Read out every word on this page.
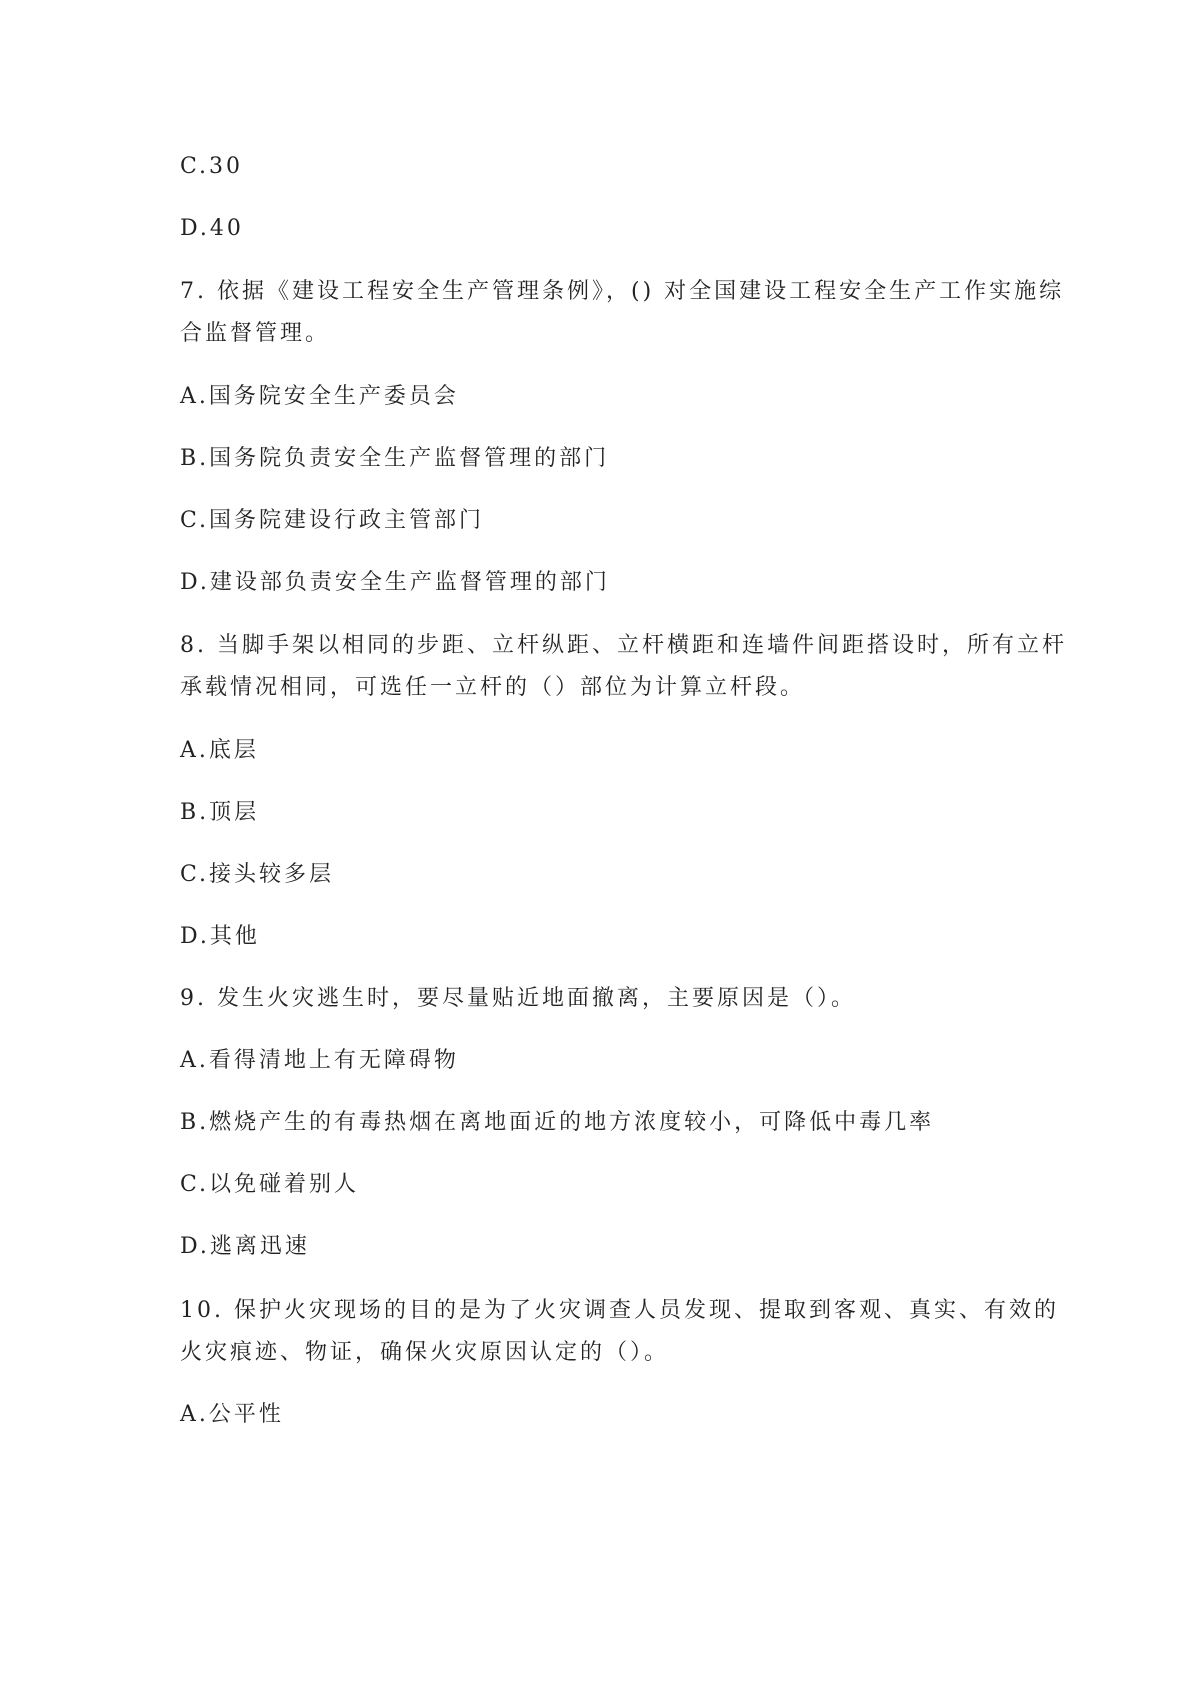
C.30
D.40
7. 依据《建设工程安全生产管理条例》，() 对全国建设工程安全生产工作实施综
合监督管理。
A.国务院安全生产委员会
B.国务院负责安全生产监督管理的部门
C.国务院建设行政主管部门
D.建设部负责安全生产监督管理的部门
8. 当脚手架以相同的步距、立杆纵距、立杆横距和连墙件间距搭设时，所有立杆
承载情况相同，可选任一立杆的（）部位为计算立杆段。
A.底层
B.顶层
C.接头较多层
D.其他
9. 发生火灾逃生时，要尽量贴近地面撤离，主要原因是（）。
A.看得清地上有无障碍物
B.燃烧产生的有毒热烟在离地面近的地方浓度较小，可降低中毒几率
C.以免碰着别人
D.逃离迅速
10. 保护火灾现场的目的是为了火灾调查人员发现、提取到客观、真实、有效的
火灾痕迹、物证，确保火灾原因认定的（）。
A.公平性
